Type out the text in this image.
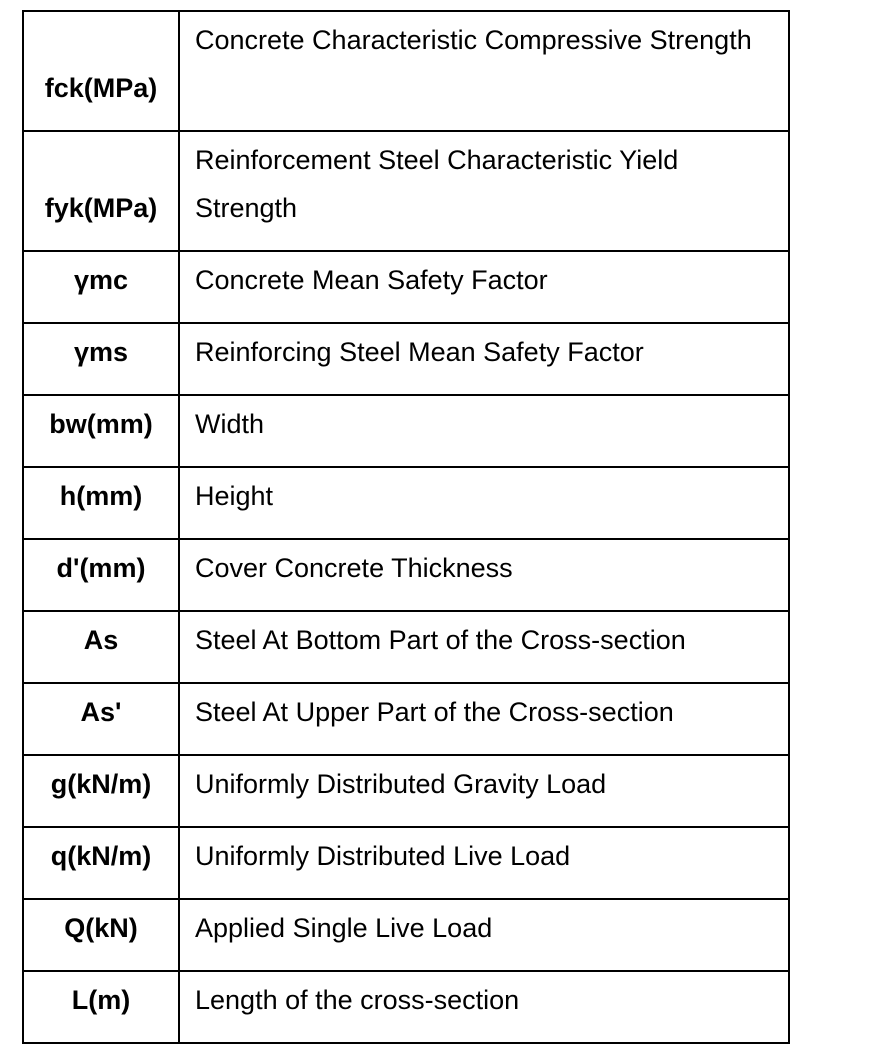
fck(MPa)	Concrete Characteristic Compressive Strength
fyk(MPa)	Reinforcement Steel Characteristic Yield Strength
γmc	Concrete Mean Safety Factor
γms	Reinforcing Steel Mean Safety Factor
bw(mm)	Width
h(mm)	Height
d'(mm)	Cover Concrete Thickness
As	Steel At Bottom Part of the Cross-section
As'	Steel At Upper Part of the Cross-section
g(kN/m)	Uniformly Distributed Gravity Load
q(kN/m)	Uniformly Distributed Live Load
Q(kN)	Applied Single Live Load
L(m)	Length of the cross-section
